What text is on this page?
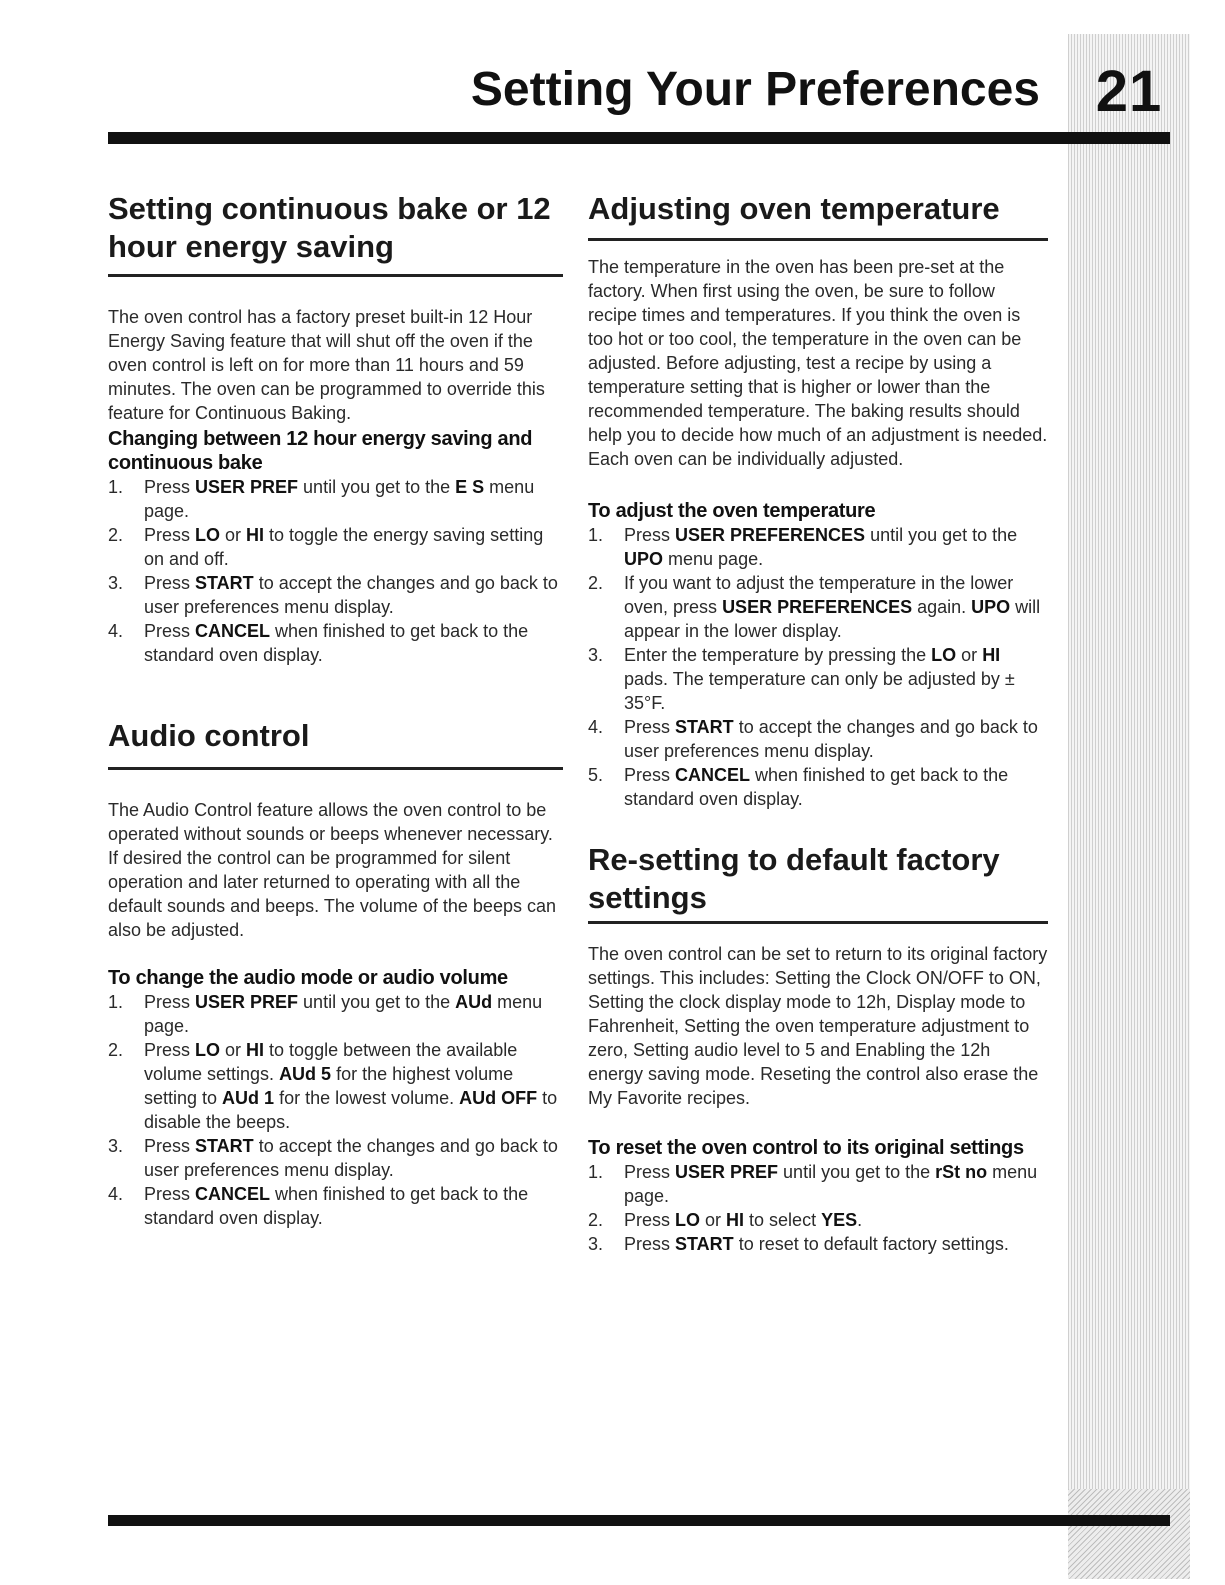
21
Setting Your Preferences
Setting continuous bake or 12 hour energy saving

The oven control has a factory preset built-in 12 Hour Energy Saving feature that will shut off the oven if the oven control is left on for more than 11 hours and 59 minutes. The oven can be programmed to override this feature for Continuous Baking.

Changing between 12 hour energy saving and continuous bake
1. Press USER PREF until you get to the E S menu page.
2. Press LO or HI to toggle the energy saving setting on and off.
3. Press START to accept the changes and go back to user preferences menu display.
4. Press CANCEL when finished to get back to the standard oven display.
Audio control

The Audio Control feature allows the oven control to be operated without sounds or beeps whenever necessary. If desired the control can be programmed for silent operation and later returned to operating with all the default sounds and beeps. The volume of the beeps can also be adjusted.

To change the audio mode or audio volume
1. Press USER PREF until you get to the AUd menu page.
2. Press LO or HI to toggle between the available volume settings. AUd 5 for the highest volume setting to AUd 1 for the lowest volume. AUd OFF to disable the beeps.
3. Press START to accept the changes and go back to user preferences menu display.
4. Press CANCEL when finished to get back to the standard oven display.
Adjusting oven temperature

The temperature in the oven has been pre-set at the factory. When first using the oven, be sure to follow recipe times and temperatures. If you think the oven is too hot or too cool, the temperature in the oven can be adjusted. Before adjusting, test a recipe by using a temperature setting that is higher or lower than the recommended temperature. The baking results should help you to decide how much of an adjustment is needed. Each oven can be individually adjusted.

To adjust the oven temperature
1. Press USER PREFERENCES until you get to the UPO menu page.
2. If you want to adjust the temperature in the lower oven, press USER PREFERENCES again. UPO will appear in the lower display.
3. Enter the temperature by pressing the LO or HI pads. The temperature can only be adjusted by ± 35°F.
4. Press START to accept the changes and go back to user preferences menu display.
5. Press CANCEL when finished to get back to the standard oven display.
Re-setting to default factory settings

The oven control can be set to return to its original factory settings. This includes: Setting the Clock ON/OFF to ON, Setting the clock display mode to 12h, Display mode to Fahrenheit, Setting the oven temperature adjustment to zero, Setting audio level to 5 and Enabling the 12h energy saving mode. Reseting the control also erase the My Favorite recipes.

To reset the oven control to its original settings
1. Press USER PREF until you get to the rSt no menu page.
2. Press LO or HI to select YES.
3. Press START to reset to default factory settings.
